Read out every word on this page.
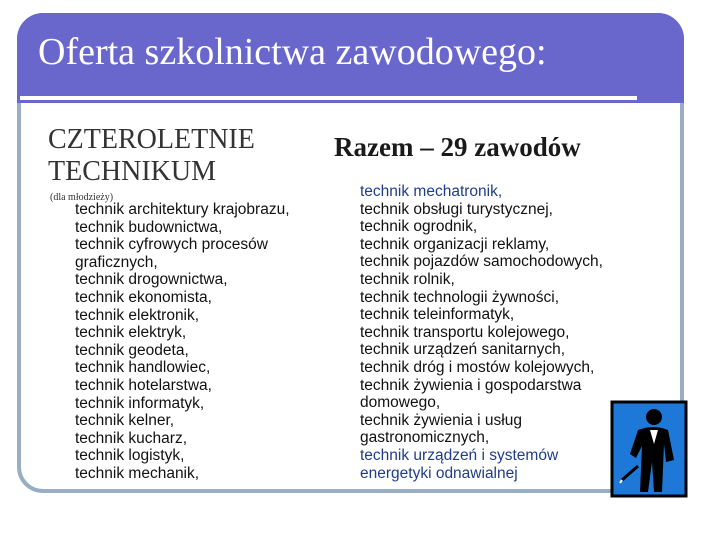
Oferta szkolnictwa zawodowego:
CZTEROLETNIE
TECHNIKUM
(dla młodzieży)
technik architektury krajobrazu,
technik budownictwa,
technik cyfrowych procesów
graficznych,
technik drogownictwa,
technik ekonomista,
technik elektronik,
technik elektryk,
technik geodeta,
technik handlowiec,
technik hotelarstwa,
technik informatyk,
technik kelner,
technik kucharz,
technik logistyk,
technik mechanik,
Razem – 29 zawodów
technik mechatronik,
technik obsługi turystycznej,
technik ogrodnik,
technik organizacji reklamy,
technik pojazdów samochodowych,
technik rolnik,
technik technologii żywności,
technik teleinformatyk,
technik transportu kolejowego,
technik urządzeń sanitarnych,
technik dróg i mostów kolejowych,
technik żywienia i gospodarstwa
domowego,
technik żywienia i usług
gastronomicznych,
technik urządzeń i systemów
energetyki odnawialnej
